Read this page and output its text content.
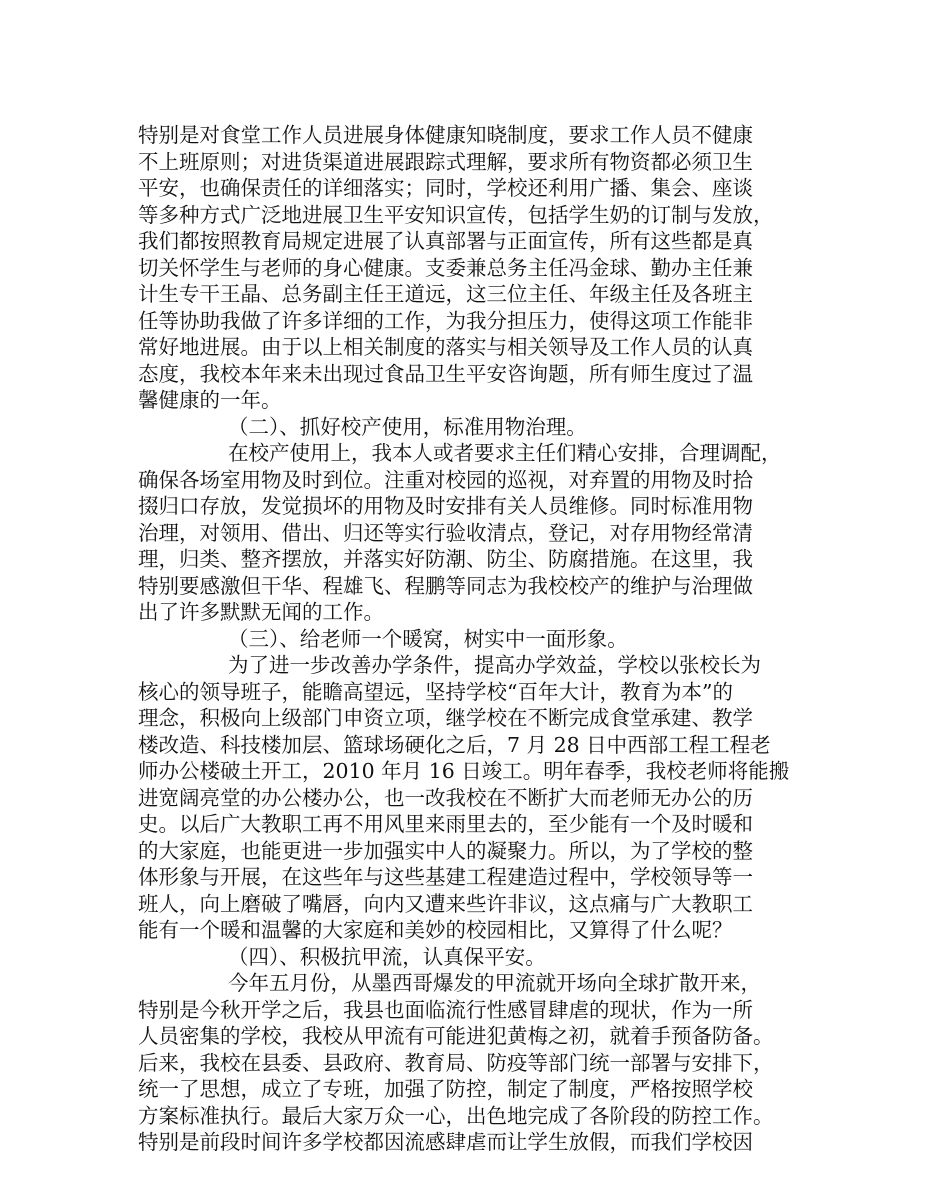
特别是对食堂工作人员进展身体健康知晓制度，要求工作人员不健康
不上班原则；对进货渠道进展跟踪式理解，要求所有物资都必须卫生
平安，也确保责任的详细落实；同时，学校还利用广播、集会、座谈
等多种方式广泛地进展卫生平安知识宣传，包括学生奶的订制与发放，
我们都按照教育局规定进展了认真部署与正面宣传，所有这些都是真
切关怀学生与老师的身心健康。支委兼总务主任冯金球、勤办主任兼
计生专干王晶、总务副主任王道远，这三位主任、年级主任及各班主
任等协助我做了许多详细的工作，为我分担压力，使得这项工作能非
常好地进展。由于以上相关制度的落实与相关领导及工作人员的认真
态度，我校本年来未出现过食品卫生平安咨询题，所有师生度过了温
馨健康的一年。
（二）、抓好校产使用，标准用物治理。
在校产使用上，我本人或者要求主任们精心安排，合理调配，
确保各场室用物及时到位。注重对校园的巡视，对弃置的用物及时拾
掇归口存放，发觉损坏的用物及时安排有关人员维修。同时标准用物
治理，对领用、借出、归还等实行验收清点，登记，对存用物经常清
理，归类、整齐摆放，并落实好防潮、防尘、防腐措施。在这里，我
特别要感激但干华、程雄飞、程鹏等同志为我校校产的维护与治理做
出了许多默默无闻的工作。
（三）、给老师一个暖窝，树实中一面形象。
为了进一步改善办学条件，提高办学效益，学校以张校长为
核心的领导班子，能瞻高望远，坚持学校“百年大计，教育为本”的
理念，积极向上级部门申资立项，继学校在不断完成食堂承建、教学
楼改造、科技楼加层、篮球场硬化之后，7 月 28 日中西部工程工程老
师办公楼破土开工，2010 年月 16 日竣工。明年春季，我校老师将能搬
进宽阔亮堂的办公楼办公，也一改我校在不断扩大而老师无办公的历
史。以后广大教职工再不用风里来雨里去的，至少能有一个及时暖和
的大家庭，也能更进一步加强实中人的凝聚力。所以，为了学校的整
体形象与开展，在这些年与这些基建工程建造过程中，学校领导等一
班人，向上磨破了嘴唇，向内又遭来些许非议，这点痛与广大教职工
能有一个暖和温馨的大家庭和美妙的校园相比，又算得了什么呢？
（四）、积极抗甲流，认真保平安。
今年五月份，从墨西哥爆发的甲流就开场向全球扩散开来，
特别是今秋开学之后，我县也面临流行性感冒肆虐的现状，作为一所
人员密集的学校，我校从甲流有可能进犯黄梅之初，就着手预备防备。
后来，我校在县委、县政府、教育局、防疫等部门统一部署与安排下，
统一了思想，成立了专班，加强了防控，制定了制度，严格按照学校
方案标准执行。最后大家万众一心，出色地完成了各阶段的防控工作。
特别是前段时间许多学校都因流感肆虐而让学生放假，而我们学校因
